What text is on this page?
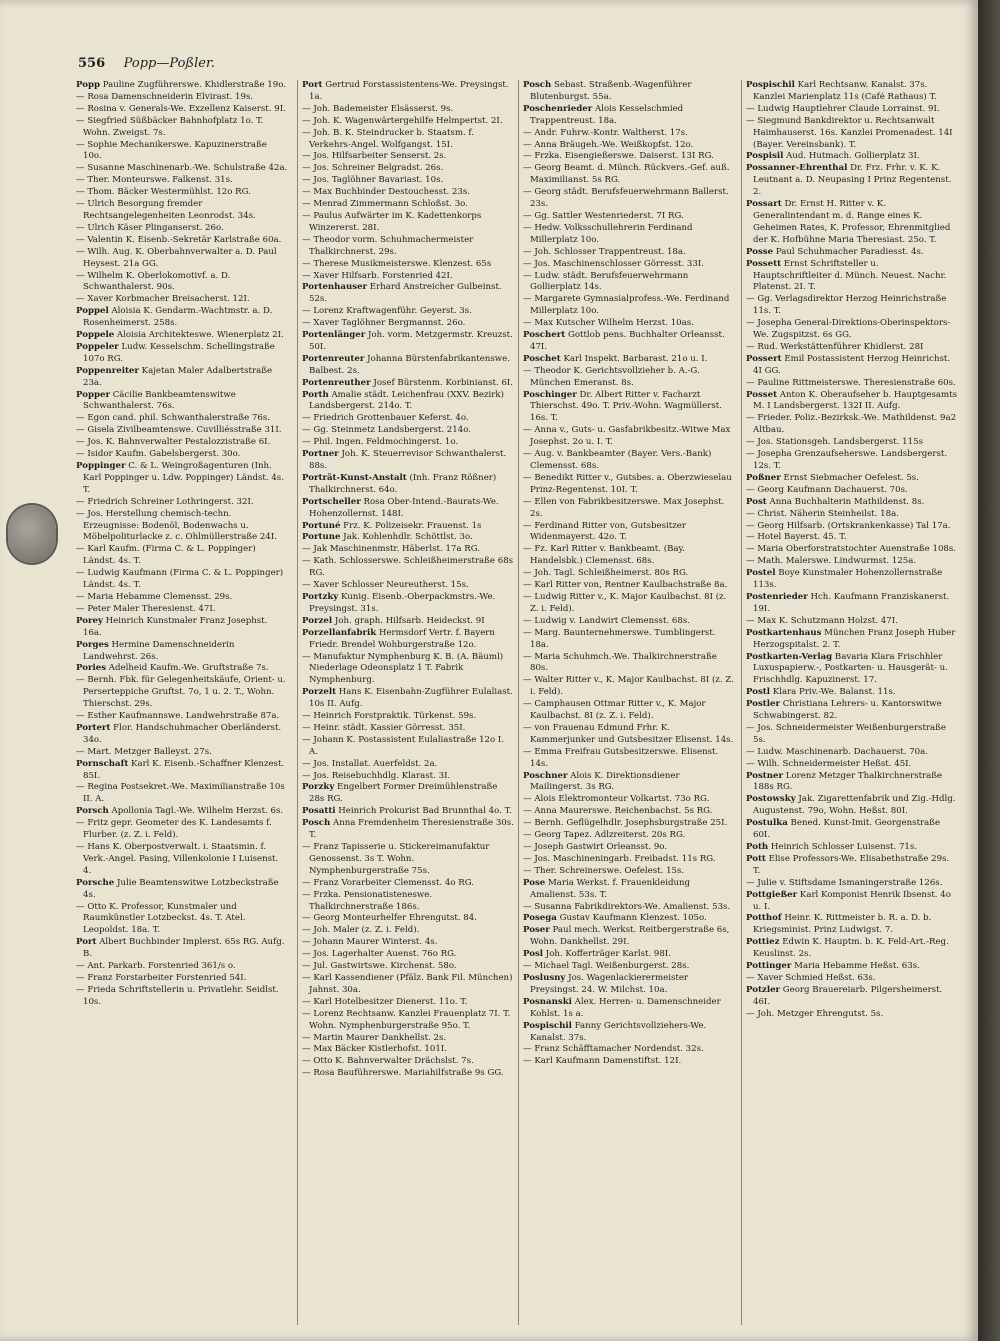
556 Popp—Poßler.
Popp Pauline Zugführerswe. Khidlerstraße 19o.
— Rosa Damenschneiderin Elvirast. 19s.
— Rosina v. Generals-We. Exzellenz Kaiserst. 9I.
— Siegfried Süßbäcker Bahnhofplatz 1o. T. Wohn. Zweigst. 7s.
— Sophie Mechanikerswe. Kapuzinerstraße 10o.
— Susanne Maschinenarb.-We. Schulstraße 42a.
— Ther. Monteurswe. Falkenst. 31s.
— Thom. Bäcker Westermühlst. 12o RG.
— Ulrich Besorgung fremder Rechtsangelegenheiten Leonrodst. 34s.
— Ulrich Käser Plinganserst. 26o.
— Valentin K. Eisenb.-Sekretär Karlstraße 60a.
— Wilh. Aug. K. Oberbahnverwalter a. D. Paul Heysest. 21a GG.
— Wilhelm K. Oberlokomotivf. a. D. Schwanthalerst. 90s.
— Xaver Korbmacher Breisacherst. 12I.
Poppel Aloisia K. Gendarm.-Wachtmstr. a. D. Rosenheimerst. 258s.
Poppele Aloisia Architekteswe. Wienerplatz 2I.
Poppeler Ludw. Kesselschm. Schellingstraße 107o RG.
Poppenreiter Kajetan Maler Adalbertstraße 23a.
Popper Cäcilie Bankbeamtenswitwe Schwanthalerst. 76s.
— Egon cand. phil. Schwanthalerstraße 76s.
— Gisela Zivilbeamtenswe. Cuvilliésstraße 31I.
— Jos. K. Bahnverwalter Pestalozzistraße 6I.
— Isidor Kaufm. Gabelsbergerst. 30o.
Poppinger C. & L. Weingroßagenturen (Inh. Karl Poppinger u. Ldw. Poppinger) Ländst. 4s. T.
— Friedrich Schreiner Lothringerst. 32I.
— Jos. Herstellung chemisch-techn. Erzeugnisse: Bodenöl, Bodenwachs u. Möbelpoliturlacke z. c. Ohlmüllerstraße 24I.
— Karl Kaufm. (Firma C. & L. Poppinger) Ländst. 4s. T.
— Ludwig Kaufmann (Firma C. & L. Poppinger) Ländst. 4s. T.
— Maria Hebamme Clemensst. 29s.
— Peter Maler Theresienst. 47I.
Porey Heinrich Kunstmaler Franz Josephst. 16a.
Porges Hermine Damenschneiderin Landwehrst. 26s.
Pories Adelheid Kaufm.-We. Gruftstraße 7s.
— Bernh. Fbk. für Gelegenheitskäufe, Orient- u. Perserteppiche Gruftst. 7o, 1 u. 2. T., Wohn. Thierschst. 29s.
— Esther Kaufmannswe. Landwehrstraße 87a.
Portert Flor. Handschuhmacher Oberländerst. 34o.
— Mart. Metzger Balleyst. 27s.
Pornschaft Karl K. Eisenb.-Schaffner Klenzest. 85I.
— Regina Postsekret.-We. Maximilianstraße 10s II. A.
Porsch Apollonia Tagl.-We. Wilhelm Herzst. 6s.
— Fritz gepr. Geometer des K. Landesamts f. Flurber. (z. Z. i. Feld).
— Hans K. Oberpostverwalt. i. Staatsmin. f. Verk.-Angel. Pasing, Villenkolonie I Luisenst. 4.
Porsche Julie Beamtenswitwe Lotzbeckstraße 4s.
— Otto K. Professor, Kunstmaler und Raumkünstler Lotzbeckst. 4s. T. Atel. Leopoldst. 18a. T.
Port Albert Buchbinder Implerst. 65s RG. Aufg. B.
— Ant. Parkarb. Forstenried 361/s o.
— Franz Forstarbeiter Forstenried 54I.
— Frieda Schriftstellerin u. Privatlehr. Seidlst. 10s.
Port Gertrud Forstassistentens-We. Preysingst. 1a.
— Joh. Bademeister Elsässerst. 9s.
— Joh. K. Wagenwärtergehilfe Helmpertst. 2I.
— Joh. B. K. Steindrucker b. Staatsm. f. Verkehrs-Angel. Wolfgangst. 15I.
— Jos. Hilfsarbeiter Senserst. 2s.
— Jos. Schreiner Belgradst. 26s.
— Jos. Taglöhner Bavariast. 10s.
— Max Buchbinder Destouchesst. 23s.
— Menrad Zimmermann Schloßst. 3o.
— Paulus Aufwärter im K. Kadettenkorps Winzererst. 28I.
— Theodor vorm. Schuhmachermeister Thalkirchnerst. 29s.
— Therese Musikmeisterswe. Klenzest. 65s
— Xaver Hilfsarb. Forstenried 42I.
Portenhauser Erhard Anstreicher Gulbeinst. 52s.
— Lorenz Kraftwagenführ. Geyerst. 3s.
— Xaver Taglöhner Bergmannst. 26o.
Portenlänger Joh. vorm. Metzgermstr. Kreuzst. 50I.
Portenreuter Johanna Bürstenfabrikantenswe. Balbest. 2s.
Portenreuther Josef Bürstenm. Korbinianst. 6I.
Porth Amalie städt. Leichenfrau (XXV. Bezirk) Landsbergerst. 214o. T.
— Friedrich Grottenbauer Keferst. 4o.
— Gg. Steinmetz Landsbergerst. 214o.
— Phil. Ingen. Feldmochingerst. 1o.
Portner Joh. K. Steuerrevisor Schwanthalerst. 88s.
Porträt-Kunst-Anstalt (Inh. Franz Rößner) Thalkirchnerst. 64o.
Portscheller Rosa Ober-Intend.-Baurats-We. Hohenzollernst. 148I.
Portuné Frz. K. Polizeisekr. Frauenst. 1s
Portune Jak. Kohlenhdlr. Schöttlst. 3o.
— Jak Maschinenmstr. Häberlst. 17a RG.
— Kath. Schlosserswe. Schleißheimerstraße 68s RG.
— Xaver Schlosser Neureutherst. 15s.
Portzky Kunig. Eisenb.-Oberpackmstrs.-We. Preysingst. 31s.
Porzel Joh. graph. Hilfsarb. Heideckst. 9I
Porzellanfabrik Hermsdorf Vertr. f. Bayern Friedr. Brendel Wohburgerstraße 12o.
— Manufaktur Nymphenburg K. B. (A. Bäuml) Niederlage Odeonsplatz 1 T. Fabrik Nymphenburg.
Porzelt Hans K. Eisenbahn-Zugführer Eulaliast. 10s II. Aufg.
— Heinrich Forstpraktik. Türkenst. 59s.
— Heinr. städt. Kassier Görresst. 35I.
— Johann K. Postassistent Eulaliastraße 12o I. A.
— Jos. Installat. Auerfeldst. 2a.
— Jos. Reisebuchhdlg. Klarast. 3I.
Porzky Engelbert Former Dreimühlenstraße 28s RG.
Posatti Heinrich Prokurist Bad Brunnthal 4o. T.
Posch Anna Fremdenheim Theresienstraße 30s. T.
— Franz Tapisserie u. Stickereimanufaktur Genossenst. 3s T. Wohn. Nymphenburgerstraße 75s.
— Franz Vorarbeiter Clemensst. 4o RG.
— Frzka. Pensionatisteneswe. Thalkirchnerstraße 186s.
— Georg Monteurhelfer Ehrengutst. 84.
— Joh. Maler (z. Z. i. Feld).
— Johann Maurer Winterst. 4s.
— Jos. Lagerhalter Auenst. 76o RG.
— Jul. Gastwirtswe. Kirchenst. 58o.
— Karl Kassendiener (Pfälz. Bank Fil. München) Jahnst. 30a.
— Karl Hotelbesitzer Dienerst. 11o. T.
— Lorenz Rechtsanw. Kanzlei Frauenplatz 7I. T. Wohn. Nymphenburgerstraße 95o. T.
— Martin Maurer Dankhellst. 2s.
— Max Bäcker Kistlerhofst. 101I.
— Otto K. Bahnverwalter Drächslst. 7s.
— Rosa Bauführerswe. Mariahilfstraße 9s GG.
Posch Sebast. Straßenb.-Wagenführer Blutenburgst. 55a.
Poschenrieder Alois Kesselschmied Trappentreust. 18a.
— Andr. Fuhrw.-Kontr. Waltherst. 17s.
— Anna Bräugeh.-We. Weißkopfst. 12o.
— Frzka. Eisengießerswe. Daiserst. 13I RG.
— Georg Beamt. d. Münch. Rückvers.-Gef. auß. Maximilianst. 5s RG.
— Georg städt. Berufsfeuerwehrmann Ballerst. 23s.
— Gg. Sattler Westenriederst. 7I RG.
— Hedw. Volksschullehrerin Ferdinand Millerplatz 10o.
— Joh. Schlosser Trappentreust. 18a.
— Jos. Maschinenschlosser Görresst. 33I.
— Ludw. städt. Berufsfeuerwehrmann Gollierplatz 14s.
— Margarete Gymnasialprofess.-We. Ferdinand Millerplatz 10o.
— Max Kutscher Wilhelm Herzst. 10as.
Poschert Gottlob pens. Buchhalter Orleansst. 47I.
Poschet Karl Inspekt. Barbarast. 21o u. I.
— Theodor K. Gerichtsvollzieher b. A.-G. München Emeranst. 8s.
Poschinger Dr. Albert Ritter v. Facharzt Thierschst. 49o. T. Priv.-Wohn. Wagmüllerst. 16s. T.
— Anna v., Guts- u. Gasfabrikbesitz.-Witwe Max Josephst. 2o u. I. T.
— Aug. v. Bankbeamter (Bayer. Vers.-Bank) Clemensst. 68s.
— Benedikt Ritter v., Gutsbes. a. Oberzwieselau Prinz-Regentenst. 10I. T.
— Ellen von Fabrikbesitzerswe. Max Josephst. 2s.
— Ferdinand Ritter von, Gutsbesitzer Widenmayerst. 42o. T.
— Fz. Karl Ritter v. Bankbeamt. (Bay. Handelsbk.) Clemensst. 68s.
— Joh. Tagl. Schleißheimerst. 80s RG.
— Karl Ritter von, Rentner Kaulbachstraße 8a.
— Ludwig Ritter v., K. Major Kaulbachst. 8I (z. Z. i. Feld).
— Ludwig v. Landwirt Clemensst. 68s.
— Marg. Baunternehmerswe. Tumblingerst. 18a.
— Maria Schuhmch.-We. Thalkirchnerstraße 80s.
— Walter Ritter v., K. Major Kaulbachst. 8I (z. Z. i. Feld).
— Camphausen Ottmar Ritter v., K. Major Kaulbachst. 8I (z. Z. i. Feld).
— von Frauenau Edmund Frhr. K. Kammerjunker und Gutsbesitzer Elisenst. 14s.
— Emma Freifrau Gutsbesitzerswe. Elisenst. 14s.
Poschner Alois K. Direktionsdiener Mailingerst. 3s RG.
— Alois Elektromonteur Volkartst. 73o RG.
— Anna Maurerswe. Reichenbachst. 5s RG.
— Bernh. Geflügelhdlr. Josephsburgstraße 25I.
— Georg Tapez. Adlzreiterst. 20s RG.
— Joseph Gastwirt Orleansst. 9o.
— Jos. Maschineningarb. Freibadst. 11s RG.
— Ther. Schreinerswe. Oefelest. 15s.
Pose Maria Werkst. f. Frauenkleidung Amalienst. 53s. T.
— Susanna Fabrikdirektors-We. Amalienst. 53s.
Posega Gustav Kaufmann Klenzest. 105o.
Poser Paul mech. Werkst. Reitbergerstraße 6s, Wohn. Dankhellst. 29I.
Posl Joh. Kofferträger Karlst. 98I.
— Michael Tagl. Weißenburgerst. 28s.
Poslusny Jos. Wagenlackierermeister Preysingst. 24. W. Milchst. 10a.
Posnanski Alex. Herren- u. Damenschneider Kohlst. 1s a.
Pospischil Fanny Gerichtsvollziehers-We. Kanalst. 37s.
— Franz Schäfftamacher Nordendst. 32s.
— Karl Kaufmann Damenstiftst. 12I.
Pospischil Karl Rechtsanw. Kanalst. 37s. Kanzlei Marienplatz 11s (Café Rathaus) T.
— Ludwig Hauptlehrer Claude Lorrainst. 9I.
— Siegmund Bankdirektor u. Rechtsanwalt Haimhauserst. 16s. Kanzlei Promenadest. 14I (Bayer. Vereinsbank). T.
Pospisil Aud. Hutmach. Gollierplatz 3I.
Possanner-Ehrenthal Dr. Frz. Frhr. v. K. K. Leutnant a. D. Neupasing I Prinz Regentenst. 2.
Possart Dr. Ernst H. Ritter v. K. Generalintendant m. d. Range eines K. Geheimen Rates, K. Professor, Ehrenmitglied der K. Hofbühne Maria Theresiast. 25o. T.
Posse Paul Schuhmacher Paradiesst. 4s.
Possett Ernst Schriftsteller u. Hauptschriftleiter d. Münch. Neuest. Nachr. Platenst. 2I. T.
— Gg. Verlagsdirektor Herzog Heinrichstraße 11s. T.
— Josepha General-Direktions-Oberinspektors-We. Zugspitzst. 6s GG.
— Rud. Werkstättenführer Khidlerst. 28I
Possert Emil Postassistent Herzog Heinrichst. 4I GG.
— Pauline Rittmeisterswe. Theresienstraße 60s.
Posset Anton K. Oberaufseher b. Hauptgesamts M. I Landsbergerst. 132I II. Aufg.
— Frieder. Poliz.-Bezirksk.-We. Mathildenst. 9a2 Altbau.
— Jos. Stationsgeh. Landsbergerst. 115s
— Josepha Grenzaufseherswe. Landsbergerst. 12s. T.
Poßner Ernst Siebmacher Oefelest. 5s.
— Georg Kaufmann Dachauerst. 70s.
Post Anna Buchhalterin Mathildenst. 8s.
— Christ. Näherin Steinheilst. 18a.
— Georg Hilfsarb. (Ortskrankenkasse) Tal 17a.
— Hotel Bayerst. 45. T.
— Maria Oberforstratstochter Auenstraße 108s.
— Math. Malerswe. Lindwurmst. 125a.
Postel Boye Kunstmaler Hohenzollernstraße 113s.
Postenrieder Hch. Kaufmann Franziskanerst. 19I.
— Max K. Schutzmann Holzst. 47I.
Postkartenhaus München Franz Joseph Huber Herzogspitalst. 2. T.
Postkarten-Verlag Bavaria Klara Frischhler Luxuspapierw.-, Postkarten- u. Hausgerät- u. Frischhdlg. Kapuzinerst. 17.
Postl Klara Priv.-We. Balanst. 11s.
Postler Christiana Lehrers- u. Kantorswitwe Schwabingerst. 82.
— Jos. Schneidermeister Weißenburgerstraße 5s.
— Ludw. Maschinenarb. Dachauerst. 70a.
— Wilh. Schneidermeister Heßst. 45I.
Postner Lorenz Metzger Thalkirchnerstraße 188s RG.
Postowsky Jak. Zigarettenfabrik und Zig.-Hdlg. Augustenst. 79o, Wohn. Heßst. 80I.
Postulka Bened. Kunst-Imit. Georgenstraße 60I.
Poth Heinrich Schlosser Luisenst. 71s.
Pott Elise Professors-We. Elisabethstraße 29s. T.
— Julie v. Stiftsdame Ismaningerstraße 126s.
Pottgießer Karl Komponist Henrik Ibsenst. 4o u. I.
Potthof Heinr. K. Rittmeister b. R. a. D. b. Kriegsminist. Prinz Ludwigst. 7.
Pottiez Edwin K. Hauptm. b. K. Feld-Art.-Reg. Keuslinst. 2s.
Pottinger Maria Hebamme Heßst. 63s.
— Xaver Schmied Heßst. 63s.
Potzler Georg Brauereiarb. Pilgersheimerst. 46I.
— Joh. Metzger Ehrengutst. 5s.
